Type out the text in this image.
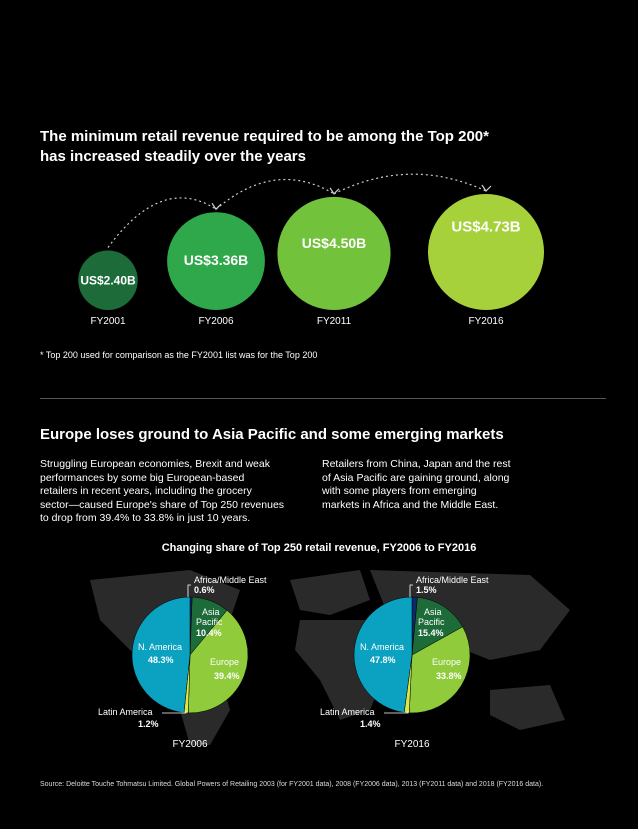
The minimum retail revenue required to be among the Top 200*
has increased steadily over the years
US$2.40B
FY2001
US$3.36B
FY2006
US$4.50B
FY2011
US$4.73B
FY2016
* Top 200 used for comparison as the FY2001 list was for the Top 200
Europe loses ground to Asia Pacific and some emerging markets
Struggling European economies, Brexit and weak
performances by some big European-based
retailers in recent years, including the grocery
sector—caused Europe's share of Top 250 revenues
to drop from 39.4% to 33.8% in just 10 years.
Retailers from China, Japan and the rest
of Asia Pacific are gaining ground, along
with some players from emerging
markets in Africa and the Middle East.
Changing share of Top 250 retail revenue, FY2006 to FY2016
Africa/Middle East
0.6%
Asia
Pacific
10.4%
Europe
39.4%
N. America
48.3%
Latin America
1.2%
FY2006
Africa/Middle East
1.5%
Asia
Pacific
15.4%
Europe
33.8%
N. America
47.8%
Latin America
1.4%
FY2016
Source: Deloitte Touche Tohmatsu Limited. Global Powers of Retailing 2003 (for FY2001 data), 2008 (FY2006 data), 2013 (FY2011 data) and 2018 (FY2016 data).
